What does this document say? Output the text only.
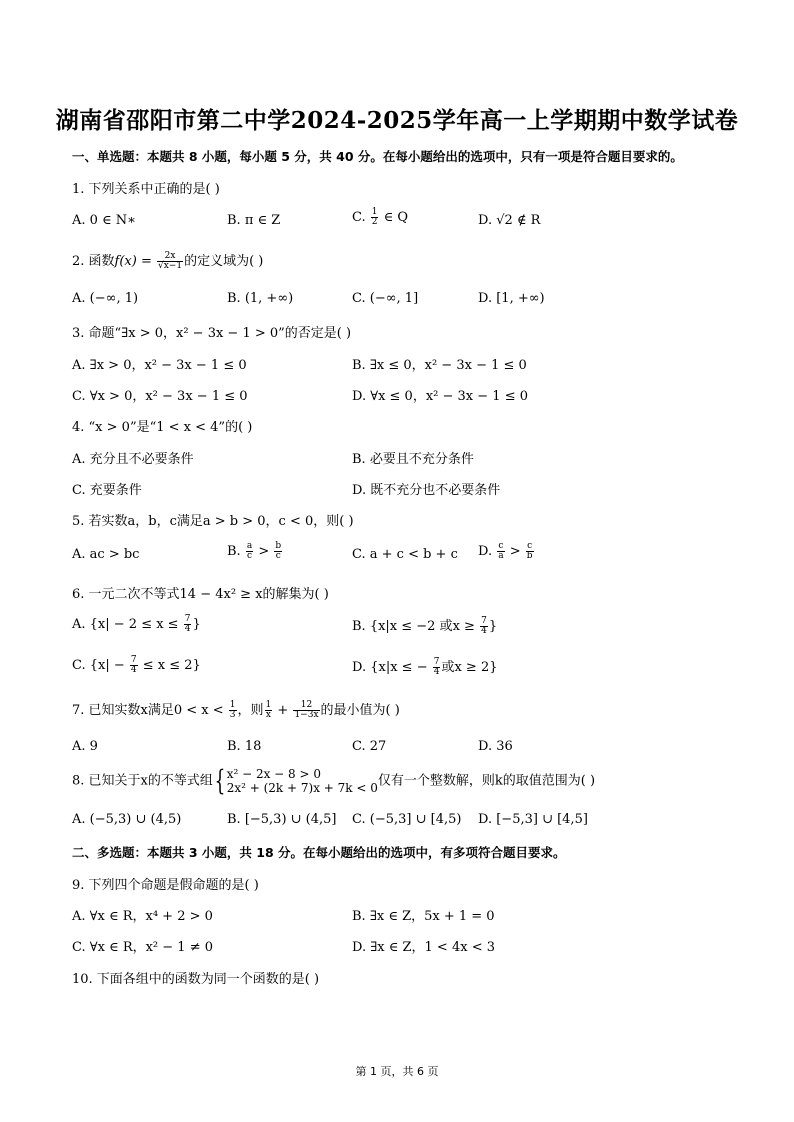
湖南省邵阳市第二中学2024-2025学年高一上学期期中数学试卷
一、单选题：本题共 8 小题，每小题 5 分，共 40 分。在每小题给出的选项中，只有一项是符合题目要求的。
1. 下列关系中正确的是( )
A. 0 ∈ N∗	B. π ∈ Z	C. $\frac{1}{2}$ ∈ Q	D. √2 ∉ R
2. 函数$f(x) = \frac{2x}{√x-1}$ 的定义域为( )
A. (−∞, 1)	B. (1, +∞)	C. (−∞, 1]	D. [1, +∞)
3. 命题“∃x > 0，x² − 3x − 1 > 0”的否定是( )
A. ∃x > 0，x² − 3x − 1 ≤ 0	B. ∃x ≤ 0，x² − 3x − 1 ≤ 0
C. ∀x > 0，x² − 3x − 1 ≤ 0	D. ∀x ≤ 0，x² − 3x − 1 ≤ 0
4. “x > 0”是“1 < x < 4”的( )
A. 充分且不必要条件	B. 必要且不充分条件
C. 充要条件	D. 既不充分也不必要条件
5. 若实数a，b，c满足a > b > 0，c < 0，则( )
A. ac > bc	B. $\frac{a}{c} > \frac{b}{c}$	C. a + c < b + c D. $\frac{c}{a} > \frac{c}{b}$
6. 一元二次不等式14 − 4x² ≥ x的解集为( )
A. {$x| - 2 \le x \le \frac{7}{4}$ }	B. {x|x ≤ −2 或$x \ge \frac{7}{4}$ }
C. $\{x| - \frac{7}{4} \le x \le 2\}$	D. {x|x ≤ − $\frac{7}{4}$ 或x ≥ 2}
7. 已知实数x满足$0 < x < \frac{1}{3}$ ，则 $\frac{1}{x} + \frac{12}{1-3x}$ 的最小值为( )
A. 9	B. 18	C. 27	D. 36
8. 已知关于x的不等式组{ x² − 2x − 8 > 0
2x² + (2k + 7)x + 7k < 0 仅有一个整数解，则k的取值范围为( )
A. (−5,3) ∪ (4,5)	B. [−5,3) ∪ (4,5] C. (−5,3] ∪ [4,5) D. [−5,3] ∪ [4,5]
二、多选题：本题共 3 小题，共 18 分。在每小题给出的选项中，有多项符合题目要求。
9. 下列四个命题是假命题的是( )
A. ∀x ∈ R，x⁴ + 2 > 0	B. ∃x ∈ Z，5x + 1 = 0
C. ∀x ∈ R，x² − 1 ≠ 0	D. ∃x ∈ Z，1 < 4x < 3
10. 下面各组中的函数为同一个函数的是( )
第 1 页，共 6 页
